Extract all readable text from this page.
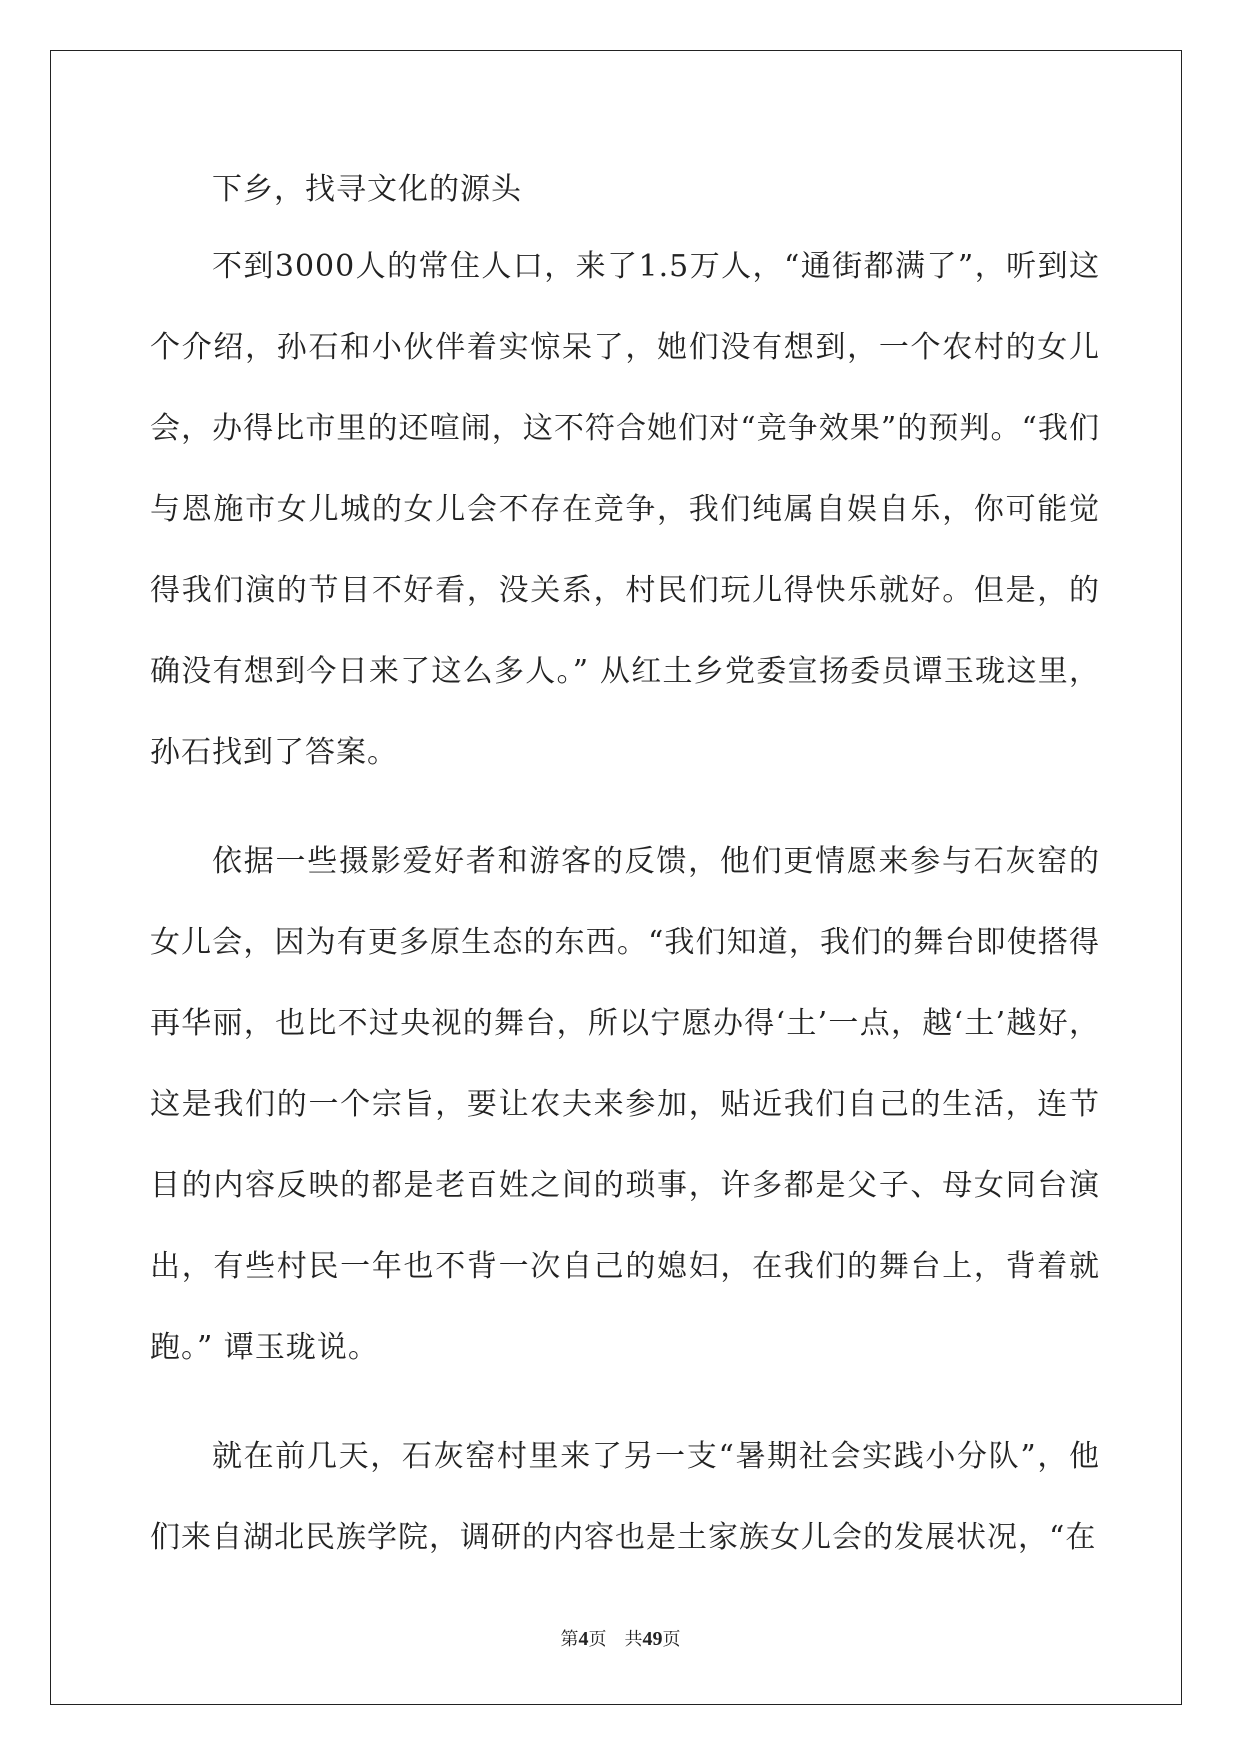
下乡，找寻文化的源头

不到3000人的常住人口，来了1.5万人，“通街都满了”，听到这个介绍，孙石和小伙伴着实惊呆了，她们没有想到，一个农村的女儿会，办得比市里的还喧闹，这不符合她们对“竞争效果”的预判。“我们与恩施市女儿城的女儿会不存在竞争，我们纯属自娱自乐，你可能觉得我们演的节目不好看，没关系，村民们玩儿得快乐就好。但是，的确没有想到今日来了这么多人。” 从红土乡党委宣扬委员谭玉珑这里，孙石找到了答案。

依据一些摄影爱好者和游客的反馈，他们更情愿来参与石灰窑的女儿会，因为有更多原生态的东西。“我们知道，我们的舞台即使搭得再华丽，也比不过央视的舞台，所以宁愿办得‘土’一点，越‘土’越好，这是我们的一个宗旨，要让农夫来参加，贴近我们自己的生活，连节目的内容反映的都是老百姓之间的琐事，许多都是父子、母女同台演出，有些村民一年也不背一次自己的媳妇，在我们的舞台上，背着就跑。” 谭玉珑说。

就在前几天，石灰窑村里来了另一支“暑期社会实践小分队”，他们来自湖北民族学院，调研的内容也是土家族女儿会的发展状况，“在

第4页　共49页
